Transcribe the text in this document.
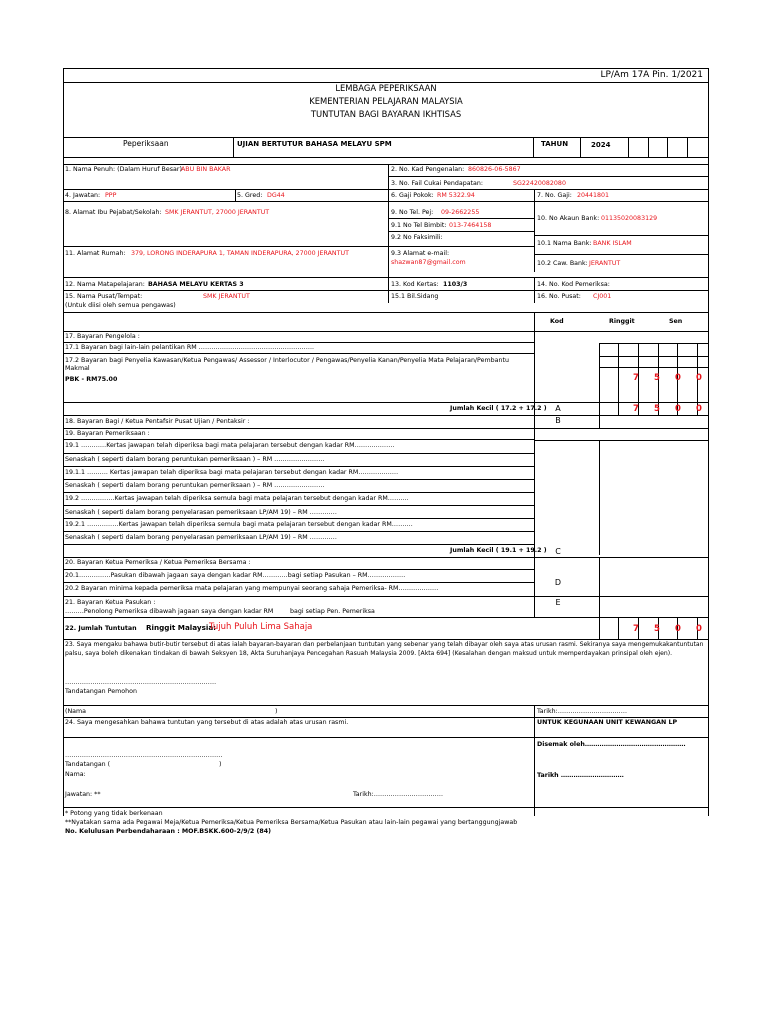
LP/Am 17A Pin. 1/2021
LEMBAGA PEPERIKSAAN
KEMENTERIAN PELAJARAN MALAYSIA
TUNTUTAN BAGI BAYARAN IKHTISAS
Peperiksaan	UJIAN BERTUTUR BAHASA MELAYU SPM	TAHUN	2024
1. Nama Penuh: (Dalam Huruf Besar) ABU BIN BAKAR	2. No. Kad Pengenalan: 860826-06-5867
3. No. Fail Cukai Pendapatan:	SG22420082080
4. Jawatan: PPP	5. Gred: DG44	6. Gaji Pokok: RM 5322.94	7. No. Gaji: 20441801
8. Alamat Ibu Pejabat/Sekolah: SMK JERANTUT, 27000 JERANTUT	9. No Tel. Pej: 09-2662255
9.1 No Tel Bimbit: 013-7464158
9.2 No Faksimili:
10. No Akaun Bank: 01135020083129
10.1 Nama Bank: BANK ISLAM
10.2 Caw. Bank: JERANTUT
11. Alamat Rumah: 379, LORONG INDERAPURA 1, TAMAN INDERAPURA, 27000 JERANTUT	9.3 Alamat e-mail:
shazwan87@gmail.com
12. Nama Matapelajaran: BAHASA MELAYU KERTAS 3	13. Kod Kertas: 1103/3	14. No. Kod Pemeriksa:
15. Nama Pusat/Tempat:	SMK JERANTUT
(Untuk diisi oleh semua pengawas)
15.1 Bil.Sidang	16. No. Pusat: CJ001
Kod	Ringgit	Sen
17. Bayaran Pengelola :
17.1 Bayaran bagi lain-lain pelantikan RM ……………………………………………….
17.2 Bayaran bagi Penyelia Kawasan/Ketua Pengawas/ Assessor / Interlocutor / Pengawas/Penyelia Kanan/Penyelia Mata Pelajaran/Pembantu
Makmal
PBK - RM75.00	7	5	0	0
Jumlah Kecil ( 17.2 + 17.2 )	A	7	5	0	0
18. Bayaran Bagi / Ketua Pentafsir Pusat Ujian / Pentaksir :	B
19. Bayaran Pemeriksaan :
19.1 …………Kertas jawapan telah diperiksa bagi mata pelajaran tersebut dengan kadar RM……………….
Senaskah ( seperti dalam borang peruntukan pemeriksaan ) – RM ……………………
19.1.1 ………. Kertas jawapan telah diperiksa bagi mata pelajaran tersebut dengan kadar RM……………….
Senaskah ( seperti dalam borang peruntukan pemeriksaan ) – RM ……………………
19.2 …………….Kertas jawapan telah diperiksa semula bagi mata pelajaran tersebut dengan kadar RM……….
Senaskah ( seperti dalam borang penyelarasan pemeriksaan LP/AM 19) – RM ………….
19.2.1 ……………Kertas jawapan telah diperiksa semula bagi mata pelajaran tersebut dengan kadar RM……….
Senaskah ( seperti dalam borang penyelarasan pemeriksaan LP/AM 19) – RM ………….
Jumlah Kecil ( 19.1 + 19.2 )	C
20. Bayaran Ketua Pemeriksa / Ketua Pemeriksa Bersama :
20.1……………Pasukan dibawah jagaan saya dengan kadar RM…………bagi setiap Pasukan – RM………………
D
20.2 Bayaran minima kepada pemeriksa mata pelajaran yang mempunyai seorang sahaja Pemeriksa- RM……………….
21. Bayaran Ketua Pasukan :	E
………Penolong Pemeriksa dibawah jagaan saya dengan kadar RM	bagi setiap Pen. Pemeriksa
22. Jumlah Tuntutan Ringgit Malaysia:
Tujuh Puluh Lima Sahaja	7	5	0	0
23. Saya mengaku bahawa butir-butir tersebut di atas ialah bayaran-bayaran dan perbelanjaan tuntutan yang sebenar yang telah dibayar oleh saya atas urusan rasmi. Sekiranya saya mengemukakantuntutan
palsu, saya boleh dikenakan tindakan di bawah Seksyen 18, Akta Suruhanjaya Pencegahan Rasuah Malaysia 2009. [Akta 694] (Kesalahan dengan maksud untuk memperdayakan prinsipal oleh ejen).
………………………………………………………………
Tandatangan Pemohon
(Nama	)	Tarikh:……………………………
24. Saya mengesahkan bahawa tuntutan yang tersebut di atas adalah atas urusan rasmi.	UNTUK KEGUNAAN UNIT KEWANGAN LP
Disemak oleh…………………………………………
…………………………………………………………………
Tandatangan (	)
Nama:	Tarikh …………………………
Jawatan: **	Tarikh:……………………………
* Potong yang tidak berkenaan
**Nyatakan sama ada Pegawai Meja/Ketua Pemeriksa/Ketua Pemeriksa Bersama/Ketua Pasukan atau lain-lain pegawai yang bertanggungjawab
No. Kelulusan Perbendaharaan : MOF.BSKK.600-2/9/2 (84)
